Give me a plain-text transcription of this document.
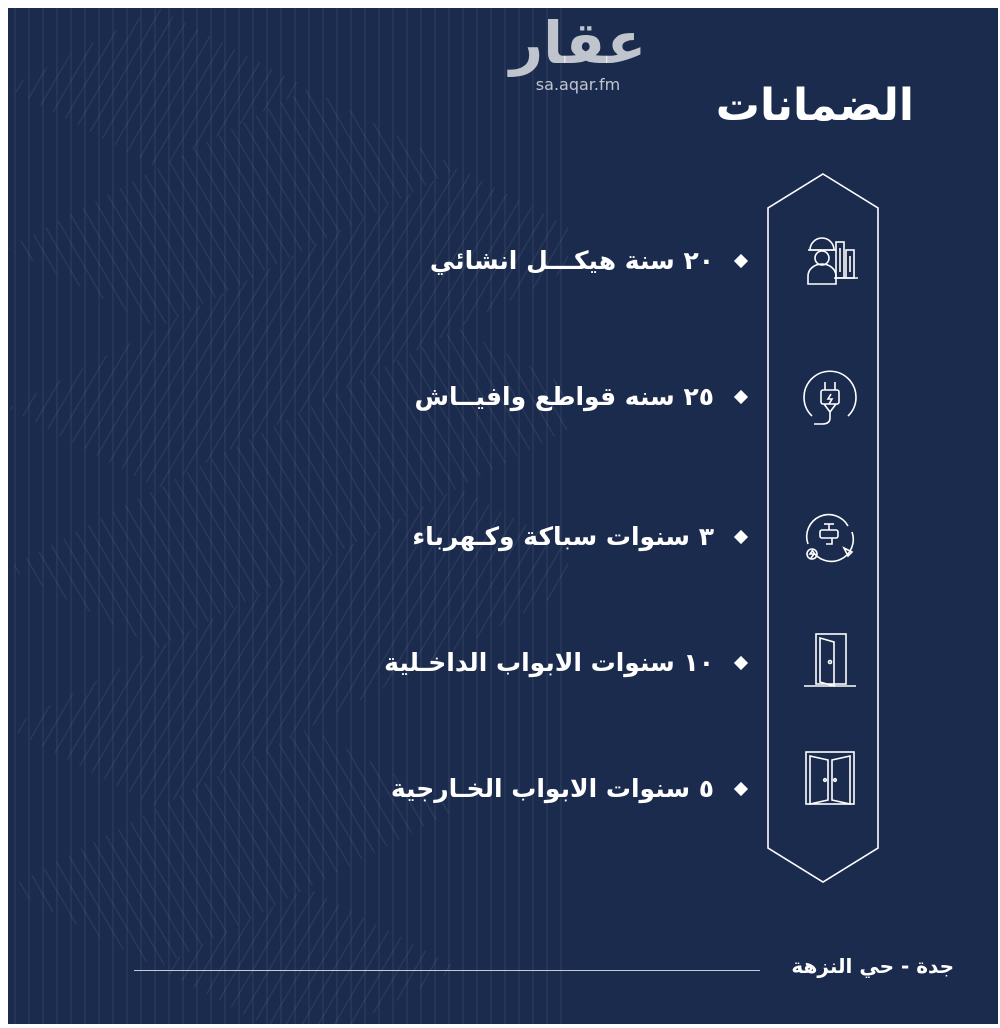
عقار
sa.aqar.fm	الضمانات
٢٠ سنة هيكـــل انشائي
٢٥ سنه قواطع وافيــاش
٣ سنوات سباكة وكـهرباء
١٠ سنوات الابواب الداخـلية
٥ سنوات الابواب الخـارجية
جدة - حي النزهة
